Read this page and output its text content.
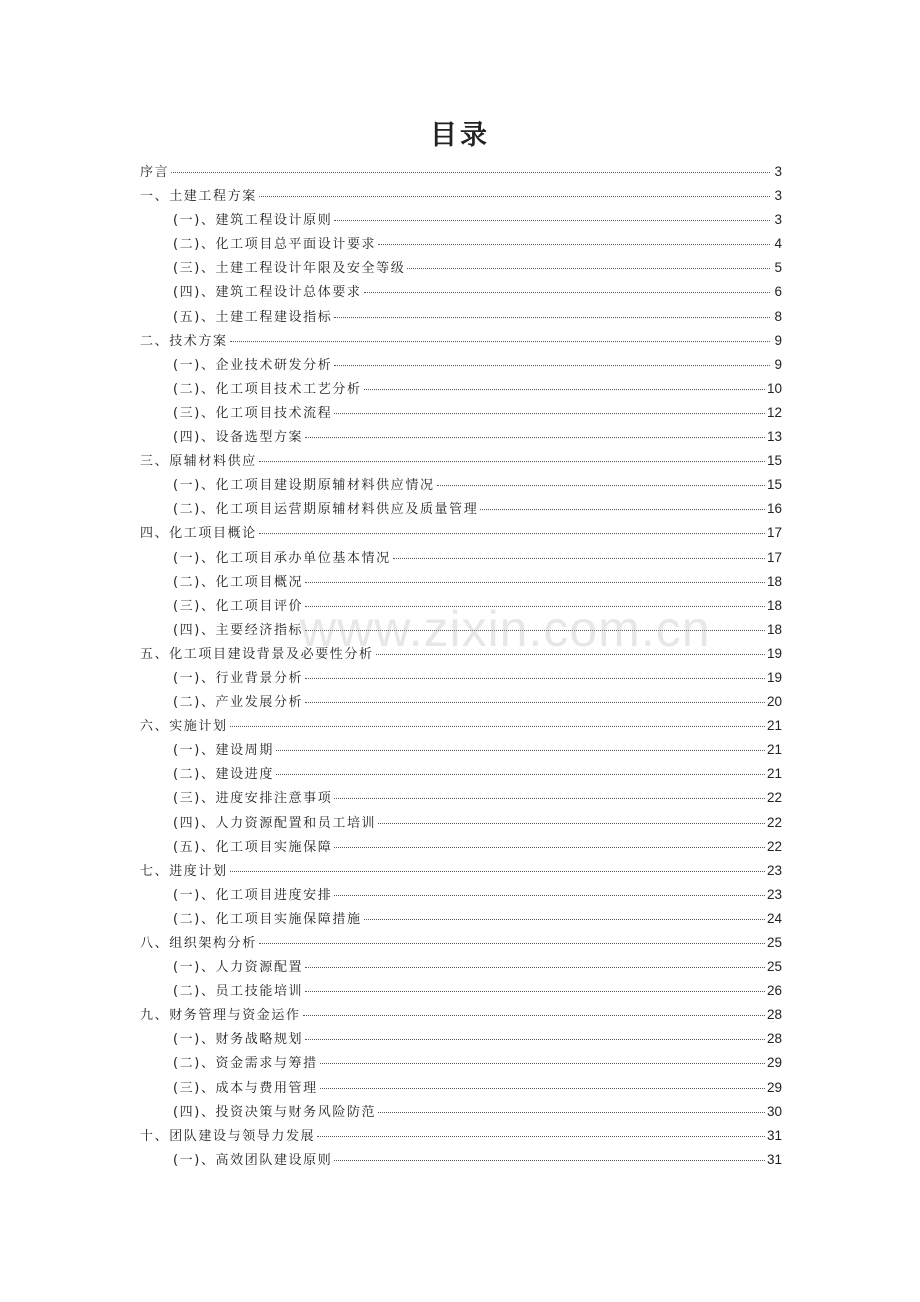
目录
序言	3
一、土建工程方案	3
(一)、建筑工程设计原则	3
(二)、化工项目总平面设计要求	4
(三)、土建工程设计年限及安全等级	5
(四)、建筑工程设计总体要求	6
(五)、土建工程建设指标	8
二、技术方案	9
(一)、企业技术研发分析	9
(二)、化工项目技术工艺分析	10
(三)、化工项目技术流程	12
(四)、设备选型方案	13
三、原辅材料供应	15
(一)、化工项目建设期原辅材料供应情况	15
(二)、化工项目运营期原辅材料供应及质量管理	16
四、化工项目概论	17
(一)、化工项目承办单位基本情况	17
(二)、化工项目概况	18
(三)、化工项目评价	18
(四)、主要经济指标	18
五、化工项目建设背景及必要性分析	19
(一)、行业背景分析	19
(二)、产业发展分析	20
六、实施计划	21
(一)、建设周期	21
(二)、建设进度	21
(三)、进度安排注意事项	22
(四)、人力资源配置和员工培训	22
(五)、化工项目实施保障	22
七、进度计划	23
(一)、化工项目进度安排	23
(二)、化工项目实施保障措施	24
八、组织架构分析	25
(一)、人力资源配置	25
(二)、员工技能培训	26
九、财务管理与资金运作	28
(一)、财务战略规划	28
(二)、资金需求与筹措	29
(三)、成本与费用管理	29
(四)、投资决策与财务风险防范	30
十、团队建设与领导力发展	31
(一)、高效团队建设原则	31
www.zixin.com.cn
